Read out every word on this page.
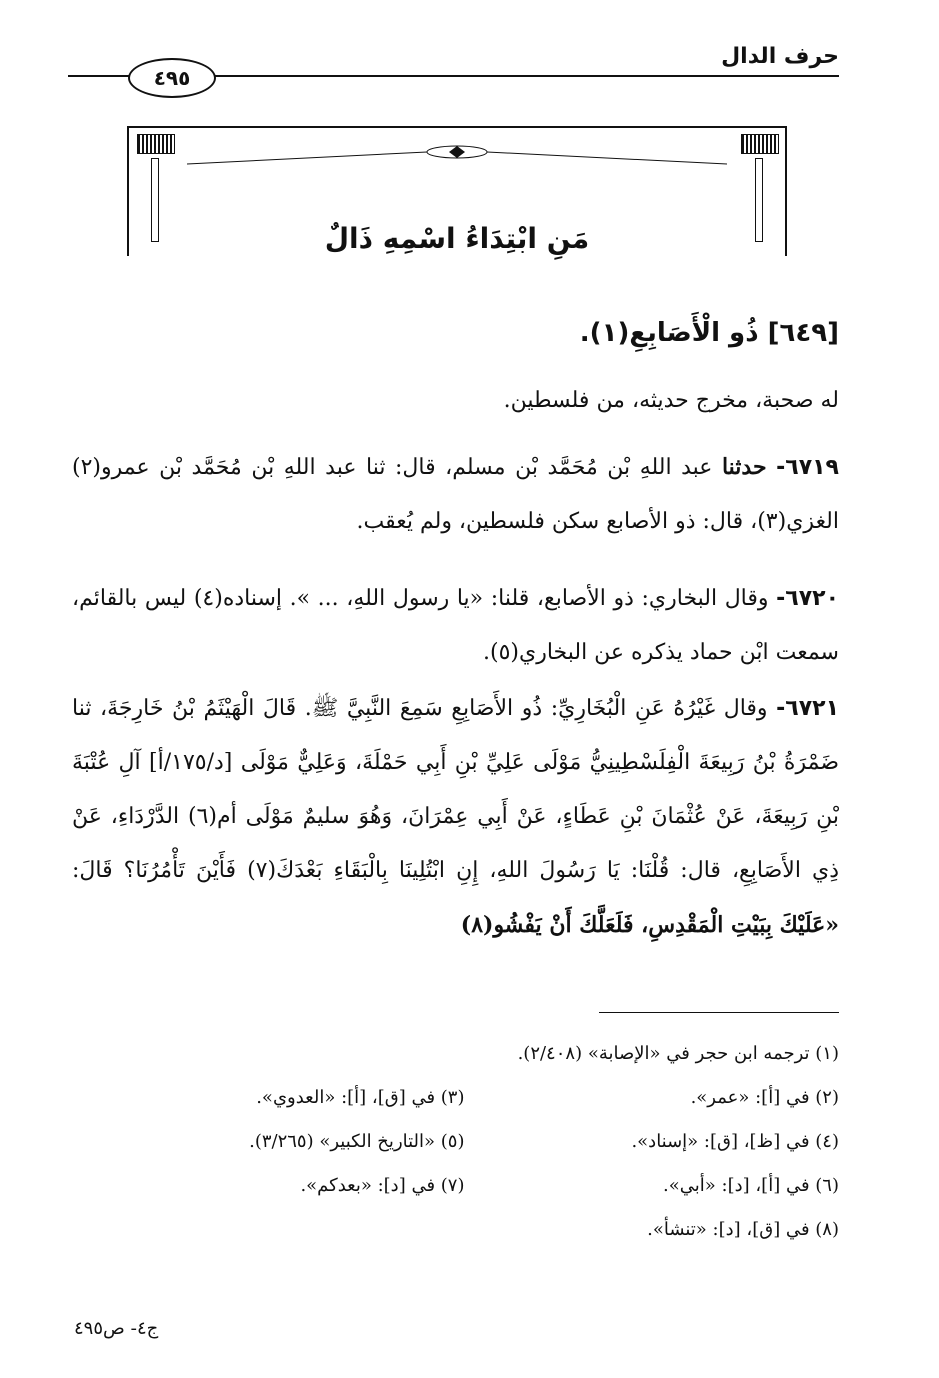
حرف الدال
٤٩٥
مَنِ ابْتِدَاءُ اسْمِهِ ذَالٌ
[٦٤٩] ذُو الْأَصَابِعِ(١).
له صحبة، مخرج حديثه، من فلسطين.
٦٧١٩- حدثنا عبد اللهِ بْن مُحَمَّد بْن مسلم، قال: ثنا عبد اللهِ بْن مُحَمَّد بْن عمرو(٢) الغزي(٣)، قال: ذو الأصابع سكن فلسطين، ولم يُعقب.
٦٧٢٠- وقال البخاري: ذو الأصابع، قلنا: «يا رسول اللهِ، ... ». إسناده(٤) ليس بالقائم، سمعت ابْن حماد يذكره عن البخاري(٥).
٦٧٢١- وقال غَيْرُهُ عَنِ الْبُخَارِيِّ: ذُو الأَصَابِعِ سَمِعَ النَّبِيَّ ﷺ. قَالَ الْهَيْثَمُ بْنُ خَارِجَةَ، ثنا ضَمْرَةُ بْنُ رَبِيعَةَ الْفِلَسْطِينِيُّ مَوْلَى عَلِيِّ بْنِ أَبِي حَمْلَةَ، وَعَلِيٌّ مَوْلَى [د/١٧٥/أ] آلِ عُتْبَةَ بْنِ رَبِيعَةَ، عَنْ عُثْمَانَ بْنِ عَطَاءٍ، عَنْ أَبِي عِمْرَانَ، وَهُوَ سليمٌ مَوْلَى أم(٦) الدَّرْدَاءِ، عَنْ ذِي الأَصَابِعِ، قال: قُلْنَا: يَا رَسُولَ اللهِ، إِنِ ابْتُلِينَا بِالْبَقَاءِ بَعْدَكَ(٧) فَأَيْنَ تَأْمُرُنَا؟ قَالَ: «عَلَيْكَ بِبَيْتِ الْمَقْدِسِ، فَلَعَلَّكَ أَنْ يَفْشُو(٨)
(١) ترجمه ابن حجر في «الإصابة» (٢/٤٠٨).
(٢) في [أ]: «عمر».
(٣) في [ق]، [أ]: «العدوي».
(٤) في [ظ]، [ق]: «إسناد».
(٥) «التاريخ الكبير» (٣/٢٦٥).
(٦) في [أ]، [د]: «أبي».
(٧) في [د]: «بعدكم».
(٨) في [ق]، [د]: «تنشأ».
ج٤- ص٤٩٥
